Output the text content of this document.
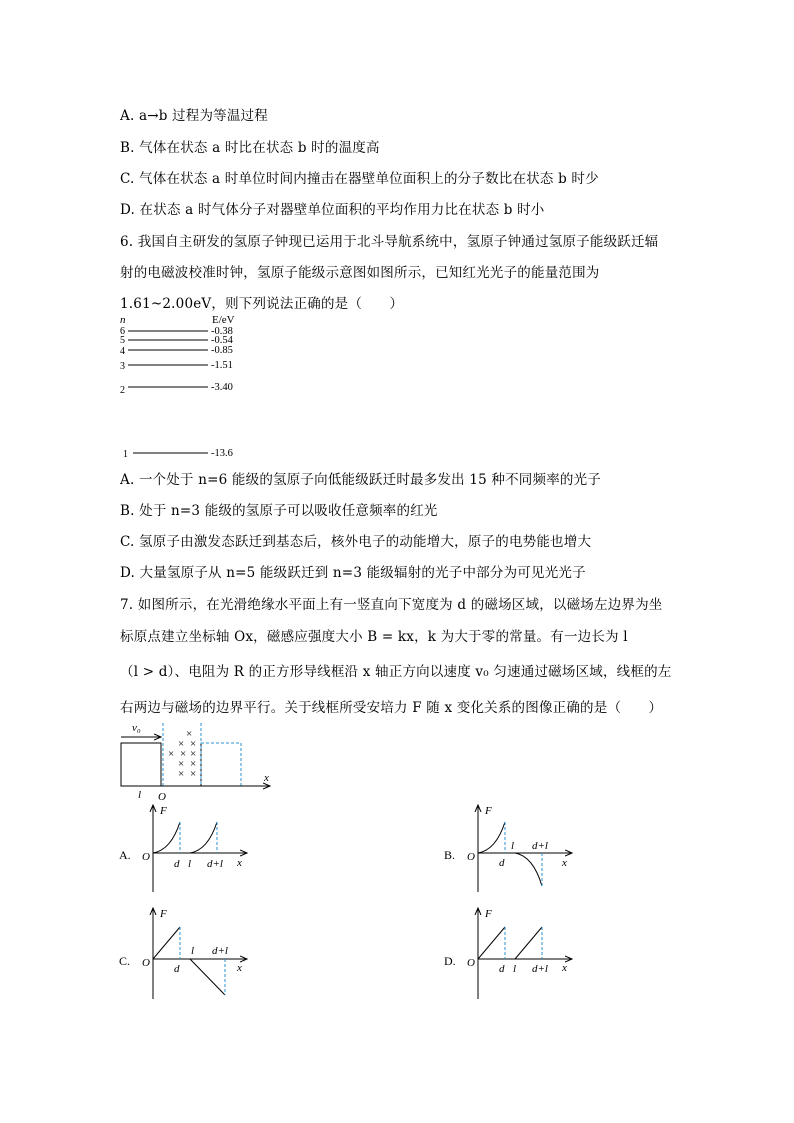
A. a→b 过程为等温过程
B. 气体在状态 a 时比在状态 b 时的温度高
C. 气体在状态 a 时单位时间内撞击在器壁单位面积上的分子数比在状态 b 时少
D. 在状态 a 时气体分子对器壁单位面积的平均作用力比在状态 b 时小
6. 我国自主研发的氢原子钟现已运用于北斗导航系统中，氢原子钟通过氢原子能级跃迁辐
射的电磁波校准时钟，氢原子能级示意图如图所示，已知红光光子的能量范围为
1.61~2.00eV，则下列说法正确的是（　　）
n	E/eV
6	-0.38
5	-0.54
4	-0.85
3	-1.51
2	-3.40
1	-13.6
A. 一个处于 n=6 能级的氢原子向低能级跃迁时最多发出 15 种不同频率的光子
B. 处于 n=3 能级的氢原子可以吸收任意频率的红光
C. 氢原子由激发态跃迁到基态后，核外电子的动能增大，原子的电势能也增大
D. 大量氢原子从 n=5 能级跃迁到 n=3 能级辐射的光子中部分为可见光光子
7. 如图所示，在光滑绝缘水平面上有一竖直向下宽度为 d 的磁场区域，以磁场左边界为坐
标原点建立坐标轴 Ox，磁感应强度大小 B = kx，k 为大于零的常量。有一边长为 l
（l > d）、电阻为 R 的正方形导线框沿 x 轴正方向以速度 v₀ 匀速通过磁场区域，线框的左
右两边与磁场的边界平行。关于线框所受安培力 F 随 x 变化关系的图像正确的是（　　）
v₀	×
× ×
× × ×
× ×
× ×	x
l O
A.
F
O	x
d l d+l
B.
F
O	x
d
l d+l
C.
F
O	x
d
l d+l
D.
F
O	x
d l d+l
